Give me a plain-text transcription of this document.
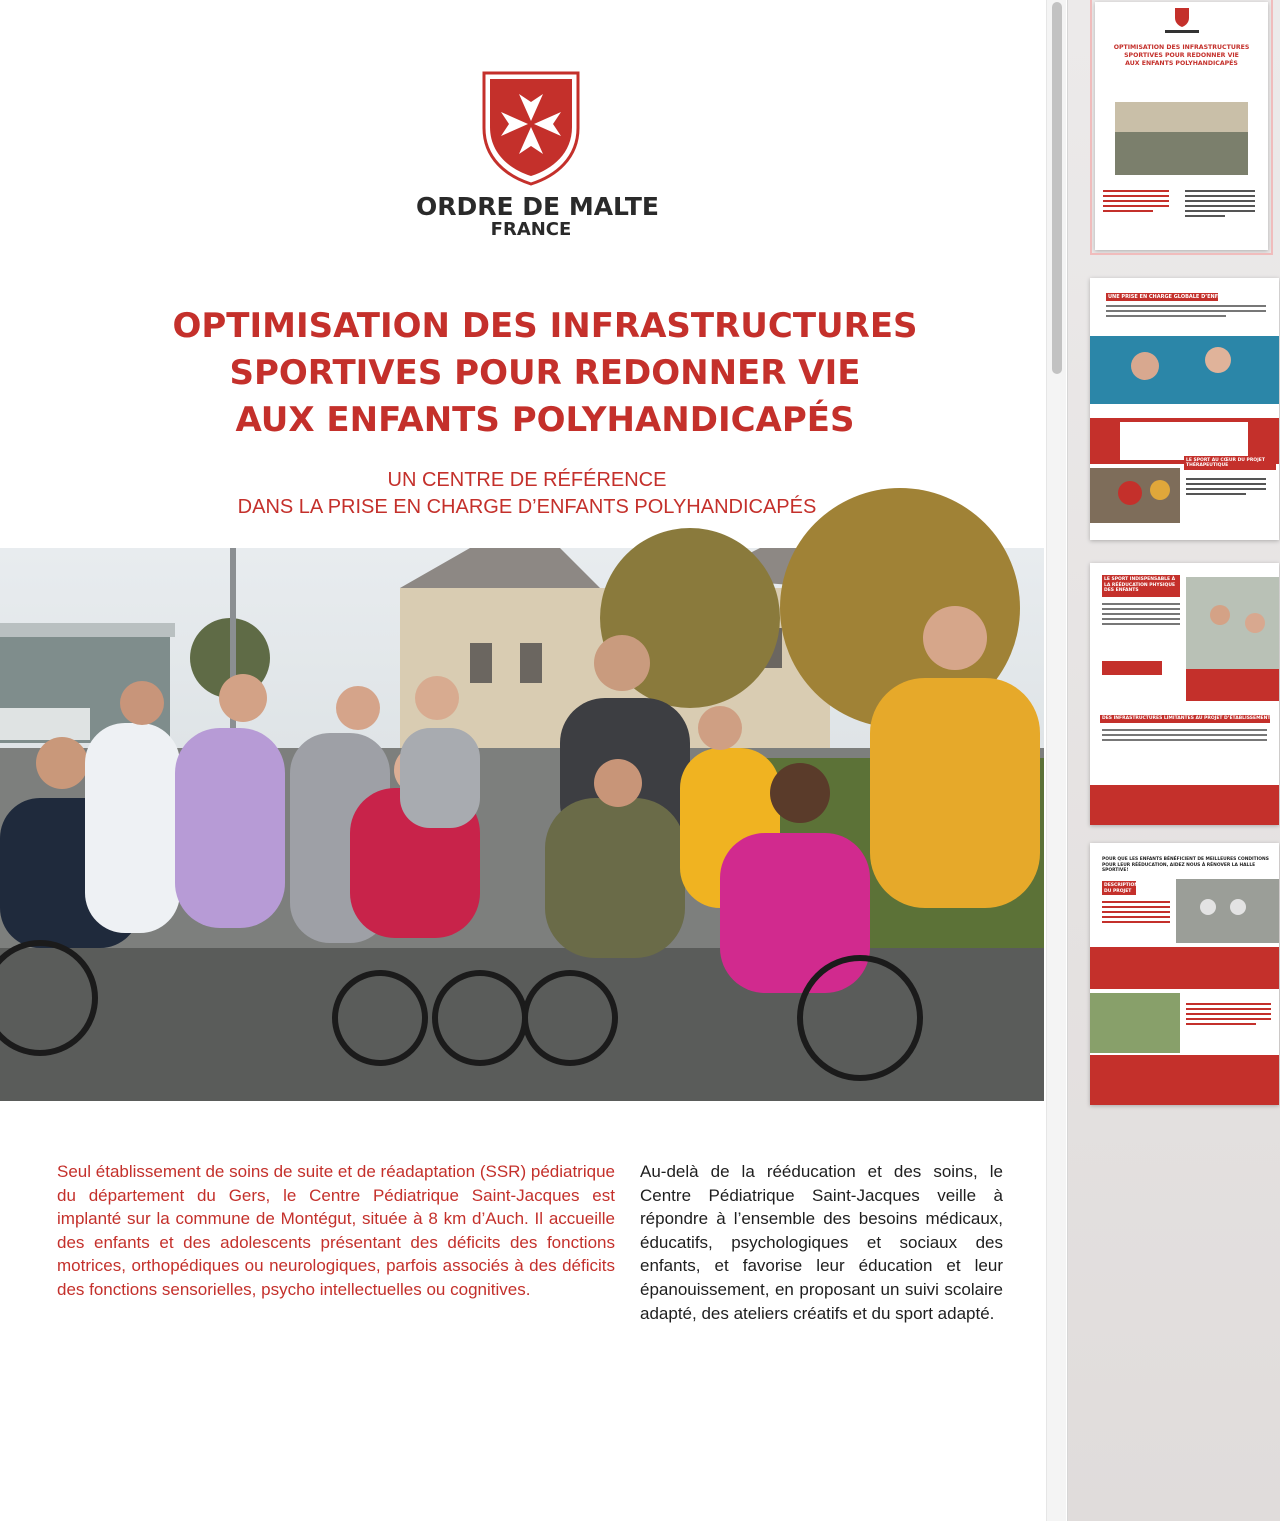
ORDRE DE MALTE
FRANCE
OPTIMISATION DES INFRASTRUCTURES
SPORTIVES POUR REDONNER VIE
AUX ENFANTS POLYHANDICAPÉS
UN CENTRE DE RÉFÉRENCE
DANS LA PRISE EN CHARGE D’ENFANTS POLYHANDICAPÉS

Seul établissement de soins de suite et de réadaptation (SSR) pédiatrique du département du Gers, le Centre Pédiatrique Saint-Jacques est implanté sur la commune de Montégut, située à 8 km d’Auch. Il accueille des enfants et des adolescents présentant des déficits des fonctions motrices, orthopédiques ou neurologiques, parfois associés à des déficits des fonctions sensorielles, psycho intellectuelles ou cognitives.

Au-delà de la rééducation et des soins, le Centre Pédiatrique Saint-Jacques veille à répondre à l’ensemble des besoins médicaux, éducatifs, psychologiques et sociaux des enfants, et favorise leur éducation et leur épanouissement, en proposant un suivi scolaire adapté, des ateliers créatifs et du sport adapté.

OPTIMISATION DES INFRASTRUCTURES
SPORTIVES POUR REDONNER VIE
AUX ENFANTS POLYHANDICAPÉS
UNE PRISE EN CHARGE GLOBALE D’ENFANTS DE 0 À 17 ANS
LE SPORT AU CŒUR DU PROJET THÉRAPEUTIQUE
LE SPORT INDISPENSABLE À LA RÉÉDUCATION PHYSIQUE DES ENFANTS
DES INFRASTRUCTURES LIMITANTES AU PROJET D’ÉTABLISSEMENT
POUR QUE LES ENFANTS BÉNÉFICIENT DE MEILLEURES CONDITIONS POUR LEUR RÉÉDUCATION, AIDEZ NOUS À RÉNOVER LA HALLE SPORTIVE!
DESCRIPTION DU PROJET
